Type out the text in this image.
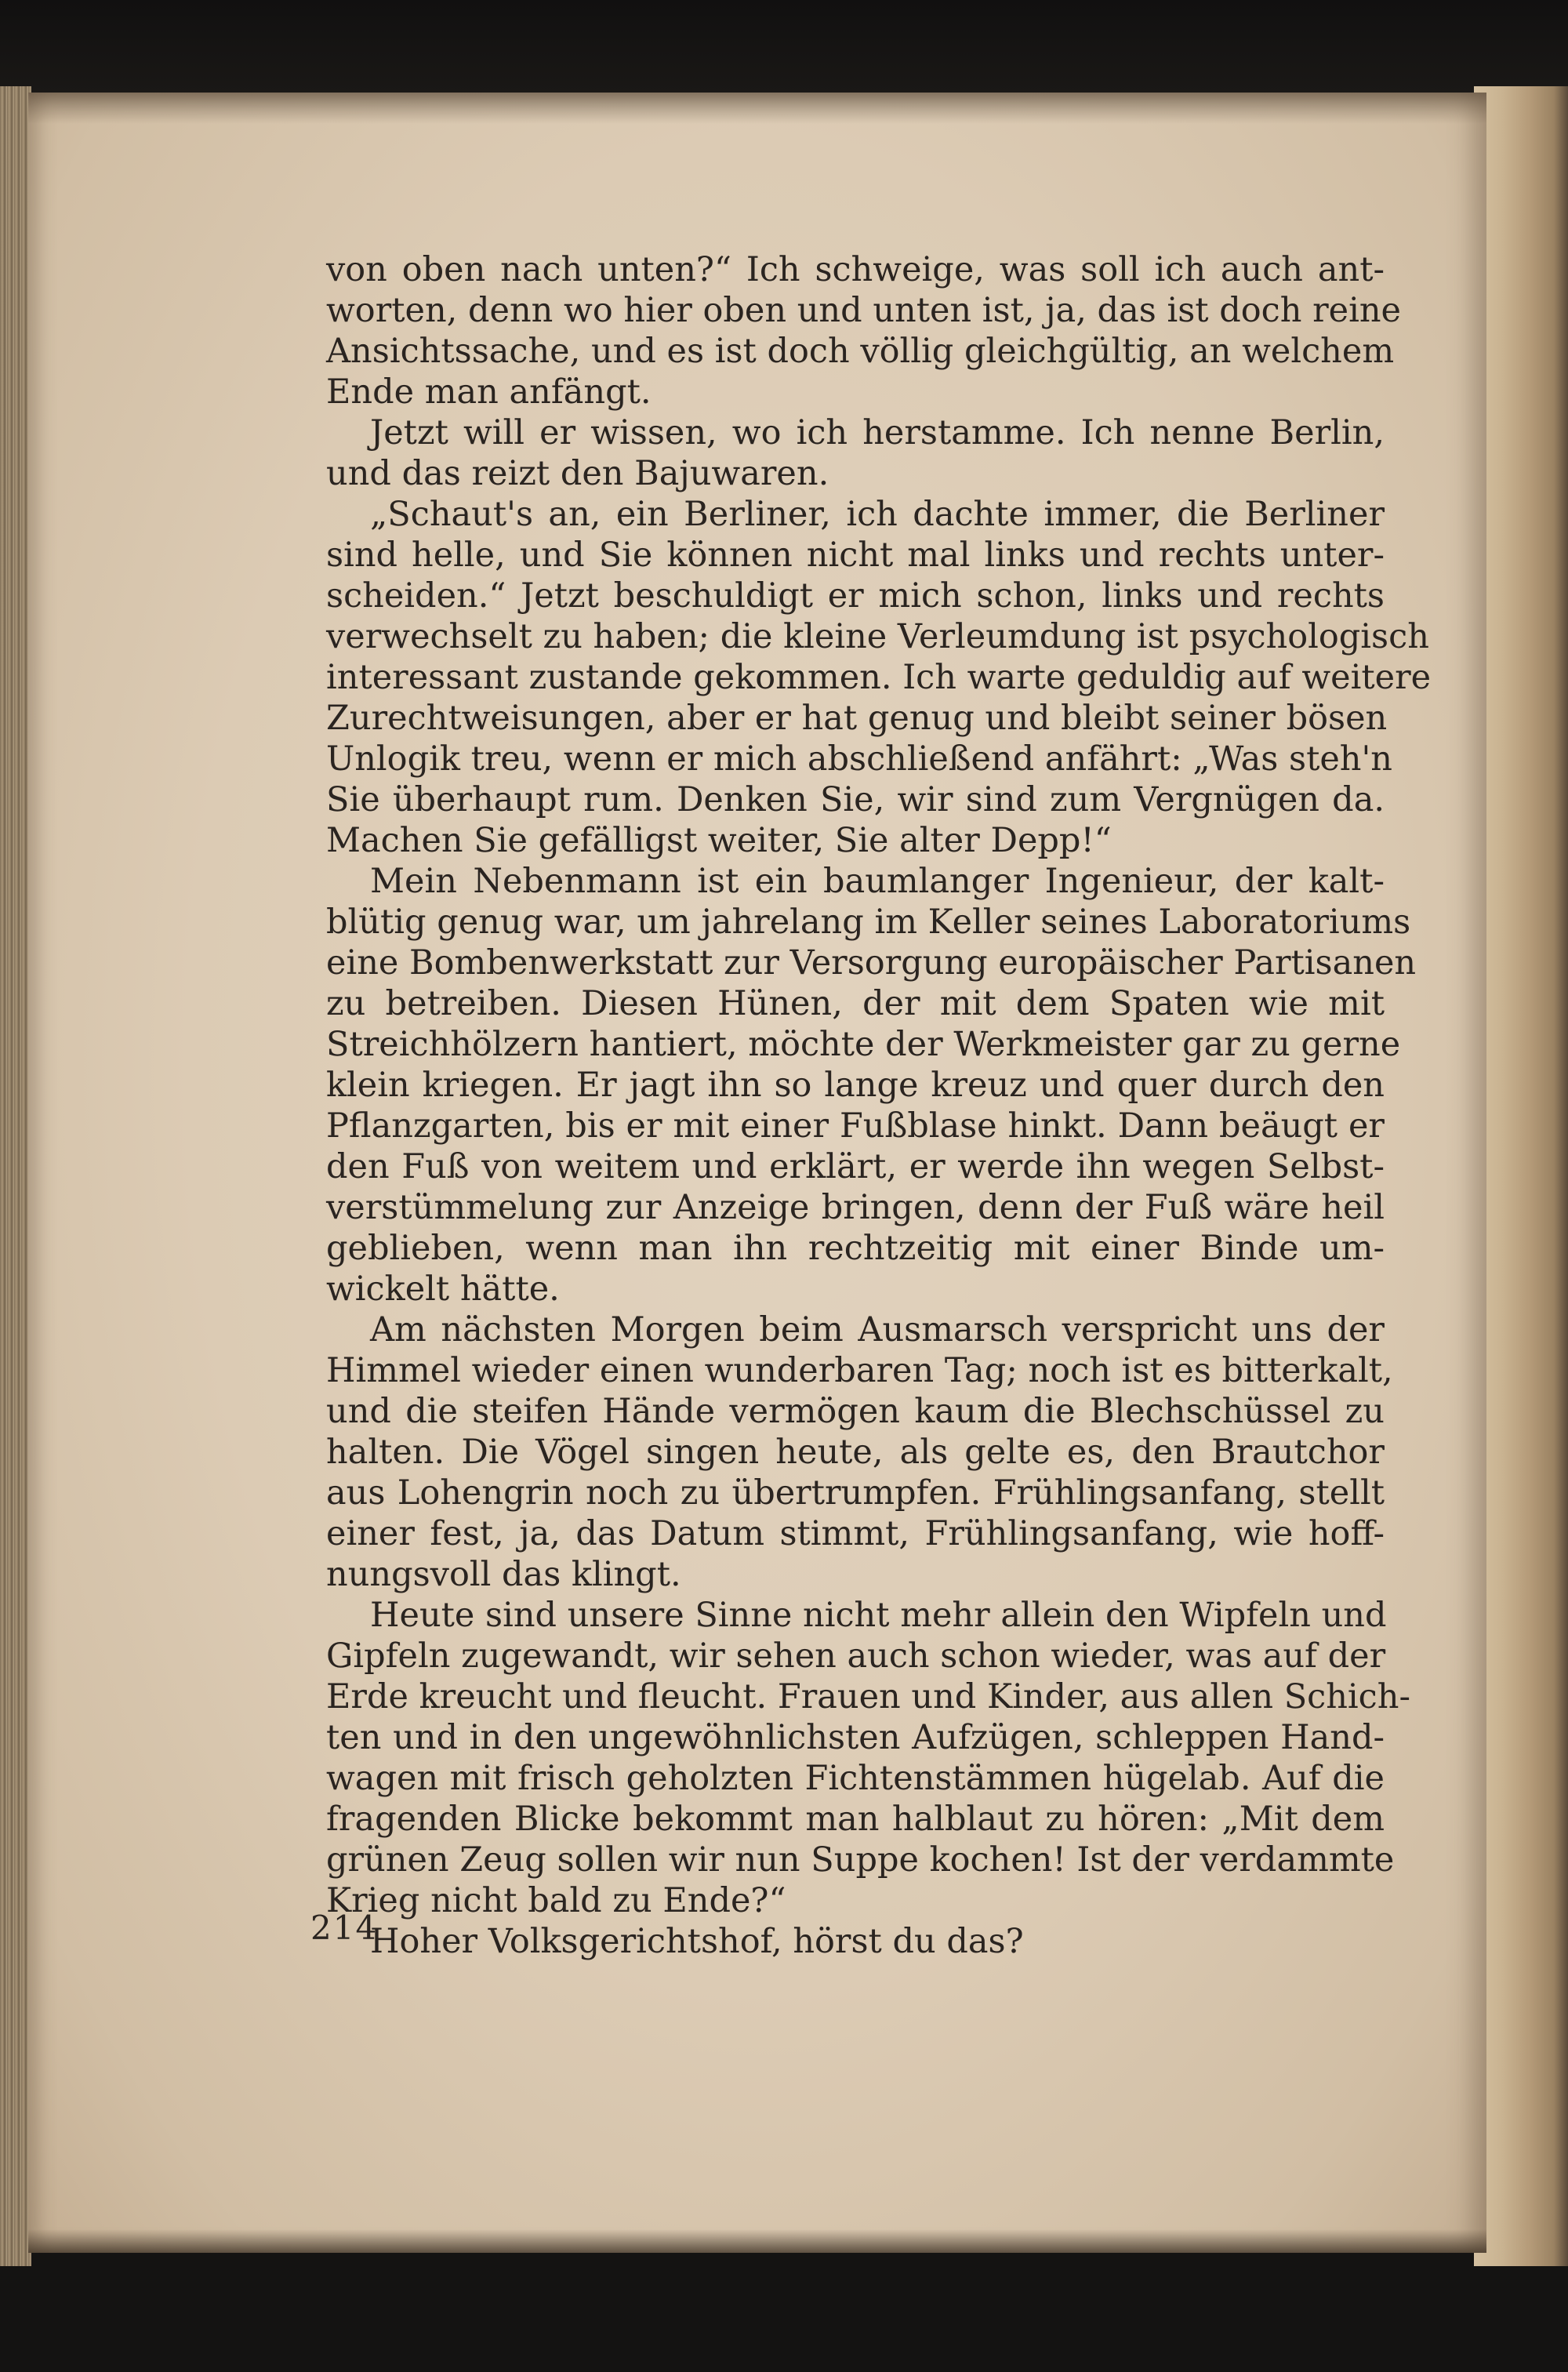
von oben nach unten?“ Ich schweige, was soll ich auch ant-
worten, denn wo hier oben und unten ist, ja, das ist doch reine
Ansichtssache, und es ist doch völlig gleichgültig, an welchem
Ende man anfängt.
Jetzt will er wissen, wo ich herstamme. Ich nenne Berlin,
und das reizt den Bajuwaren.
„Schaut's an, ein Berliner, ich dachte immer, die Berliner
sind helle, und Sie können nicht mal links und rechts unter-
scheiden.“ Jetzt beschuldigt er mich schon, links und rechts
verwechselt zu haben; die kleine Verleumdung ist psychologisch
interessant zustande gekommen. Ich warte geduldig auf weitere
Zurechtweisungen, aber er hat genug und bleibt seiner bösen
Unlogik treu, wenn er mich abschließend anfährt: „Was steh'n
Sie überhaupt rum. Denken Sie, wir sind zum Vergnügen da.
Machen Sie gefälligst weiter, Sie alter Depp!“
Mein Nebenmann ist ein baumlanger Ingenieur, der kalt-
blütig genug war, um jahrelang im Keller seines Laboratoriums
eine Bombenwerkstatt zur Versorgung europäischer Partisanen
zu betreiben. Diesen Hünen, der mit dem Spaten wie mit
Streichhölzern hantiert, möchte der Werkmeister gar zu gerne
klein kriegen. Er jagt ihn so lange kreuz und quer durch den
Pflanzgarten, bis er mit einer Fußblase hinkt. Dann beäugt er
den Fuß von weitem und erklärt, er werde ihn wegen Selbst-
verstümmelung zur Anzeige bringen, denn der Fuß wäre heil
geblieben, wenn man ihn rechtzeitig mit einer Binde um-
wickelt hätte.
Am nächsten Morgen beim Ausmarsch verspricht uns der
Himmel wieder einen wunderbaren Tag; noch ist es bitterkalt,
und die steifen Hände vermögen kaum die Blechschüssel zu
halten. Die Vögel singen heute, als gelte es, den Brautchor
aus Lohengrin noch zu übertrumpfen. Frühlingsanfang, stellt
einer fest, ja, das Datum stimmt, Frühlingsanfang, wie hoff-
nungsvoll das klingt.
Heute sind unsere Sinne nicht mehr allein den Wipfeln und
Gipfeln zugewandt, wir sehen auch schon wieder, was auf der
Erde kreucht und fleucht. Frauen und Kinder, aus allen Schich-
ten und in den ungewöhnlichsten Aufzügen, schleppen Hand-
wagen mit frisch geholzten Fichtenstämmen hügelab. Auf die
fragenden Blicke bekommt man halblaut zu hören: „Mit dem
grünen Zeug sollen wir nun Suppe kochen! Ist der verdammte
Krieg nicht bald zu Ende?“
Hoher Volksgerichtshof, hörst du das?
214
